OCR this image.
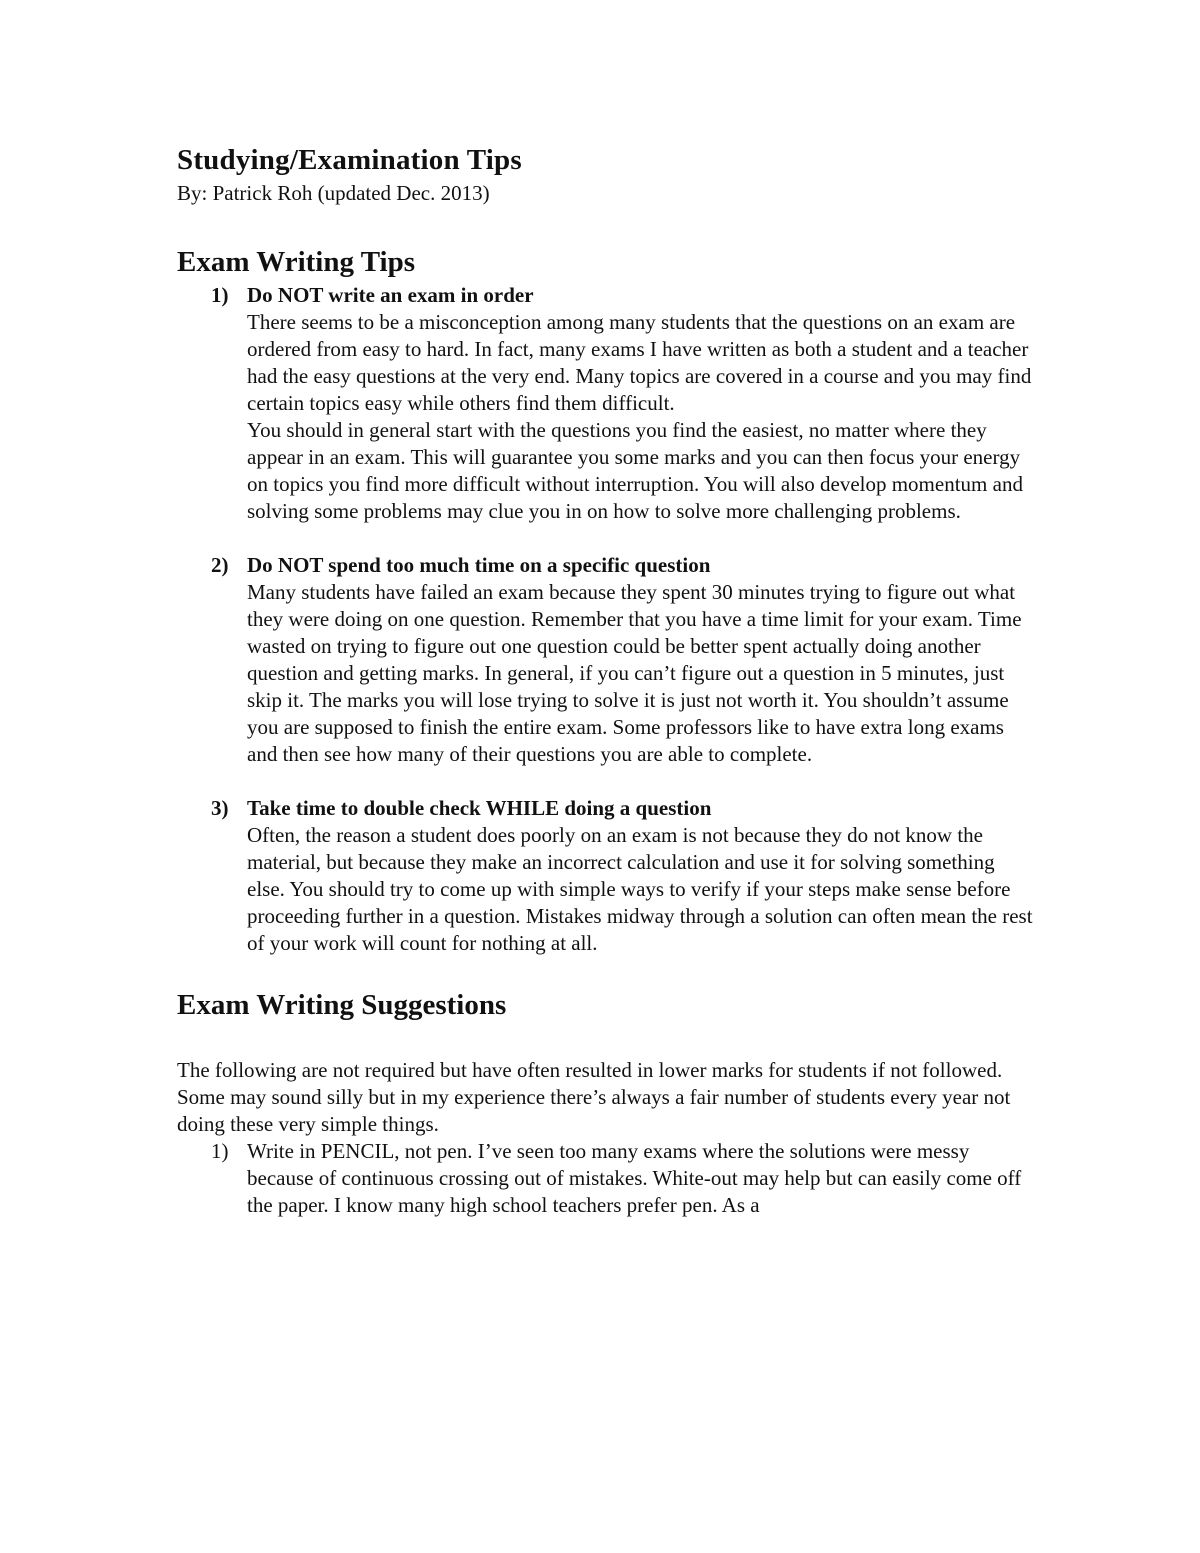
Studying/Examination Tips

By: Patrick Roh (updated Dec. 2013)

Exam Writing Tips
1) Do NOT write an exam in order
There seems to be a misconception among many students that the questions on an exam are ordered from easy to hard. In fact, many exams I have written as both a student and a teacher had the easy questions at the very end. Many topics are covered in a course and you may find certain topics easy while others find them difficult.
You should in general start with the questions you find the easiest, no matter where they appear in an exam. This will guarantee you some marks and you can then focus your energy on topics you find more difficult without interruption. You will also develop momentum and solving some problems may clue you in on how to solve more challenging problems.
2) Do NOT spend too much time on a specific question
Many students have failed an exam because they spent 30 minutes trying to figure out what they were doing on one question. Remember that you have a time limit for your exam. Time wasted on trying to figure out one question could be better spent actually doing another question and getting marks. In general, if you can’t figure out a question in 5 minutes, just skip it. The marks you will lose trying to solve it is just not worth it. You shouldn’t assume you are supposed to finish the entire exam. Some professors like to have extra long exams and then see how many of their questions you are able to complete.
3) Take time to double check WHILE doing a question
Often, the reason a student does poorly on an exam is not because they do not know the material, but because they make an incorrect calculation and use it for solving something else. You should try to come up with simple ways to verify if your steps make sense before proceeding further in a question. Mistakes midway through a solution can often mean the rest of your work will count for nothing at all.
Exam Writing Suggestions

The following are not required but have often resulted in lower marks for students if not followed. Some may sound silly but in my experience there’s always a fair number of students every year not doing these very simple things.

1) Write in PENCIL, not pen. I’ve seen too many exams where the solutions were messy because of continuous crossing out of mistakes. White-out may help but can easily come off the paper. I know many high school teachers prefer pen. As a
